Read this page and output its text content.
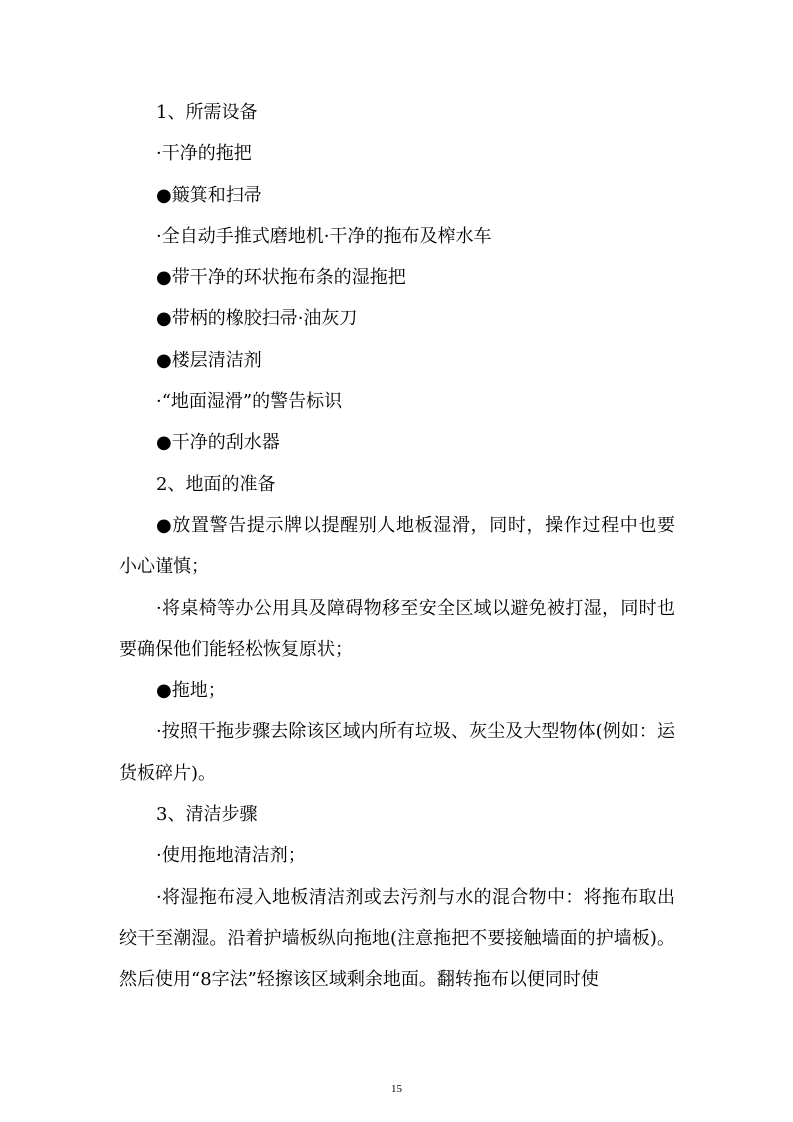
1、所需设备

·干净的拖把

●簸箕和扫帚

·全自动手推式磨地机·干净的拖布及榨水车

●带干净的环状拖布条的湿拖把

●带柄的橡胶扫帚·油灰刀

●楼层清洁剂

·“地面湿滑”的警告标识

●干净的刮水器

2、地面的准备

●放置警告提示牌以提醒别人地板湿滑，同时，操作过程中也要小心谨慎；

·将桌椅等办公用具及障碍物移至安全区域以避免被打湿，同时也要确保他们能轻松恢复原状；

●拖地；

·按照干拖步骤去除该区域内所有垃圾、灰尘及大型物体(例如：运货板碎片)。

3、清洁步骤

·使用拖地清洁剂；

·将湿拖布浸入地板清洁剂或去污剂与水的混合物中：将拖布取出绞干至潮湿。沿着护墙板纵向拖地(注意拖把不要接触墙面的护墙板)。然后使用“8字法”轻擦该区域剩余地面。翻转拖布以便同时使

15
